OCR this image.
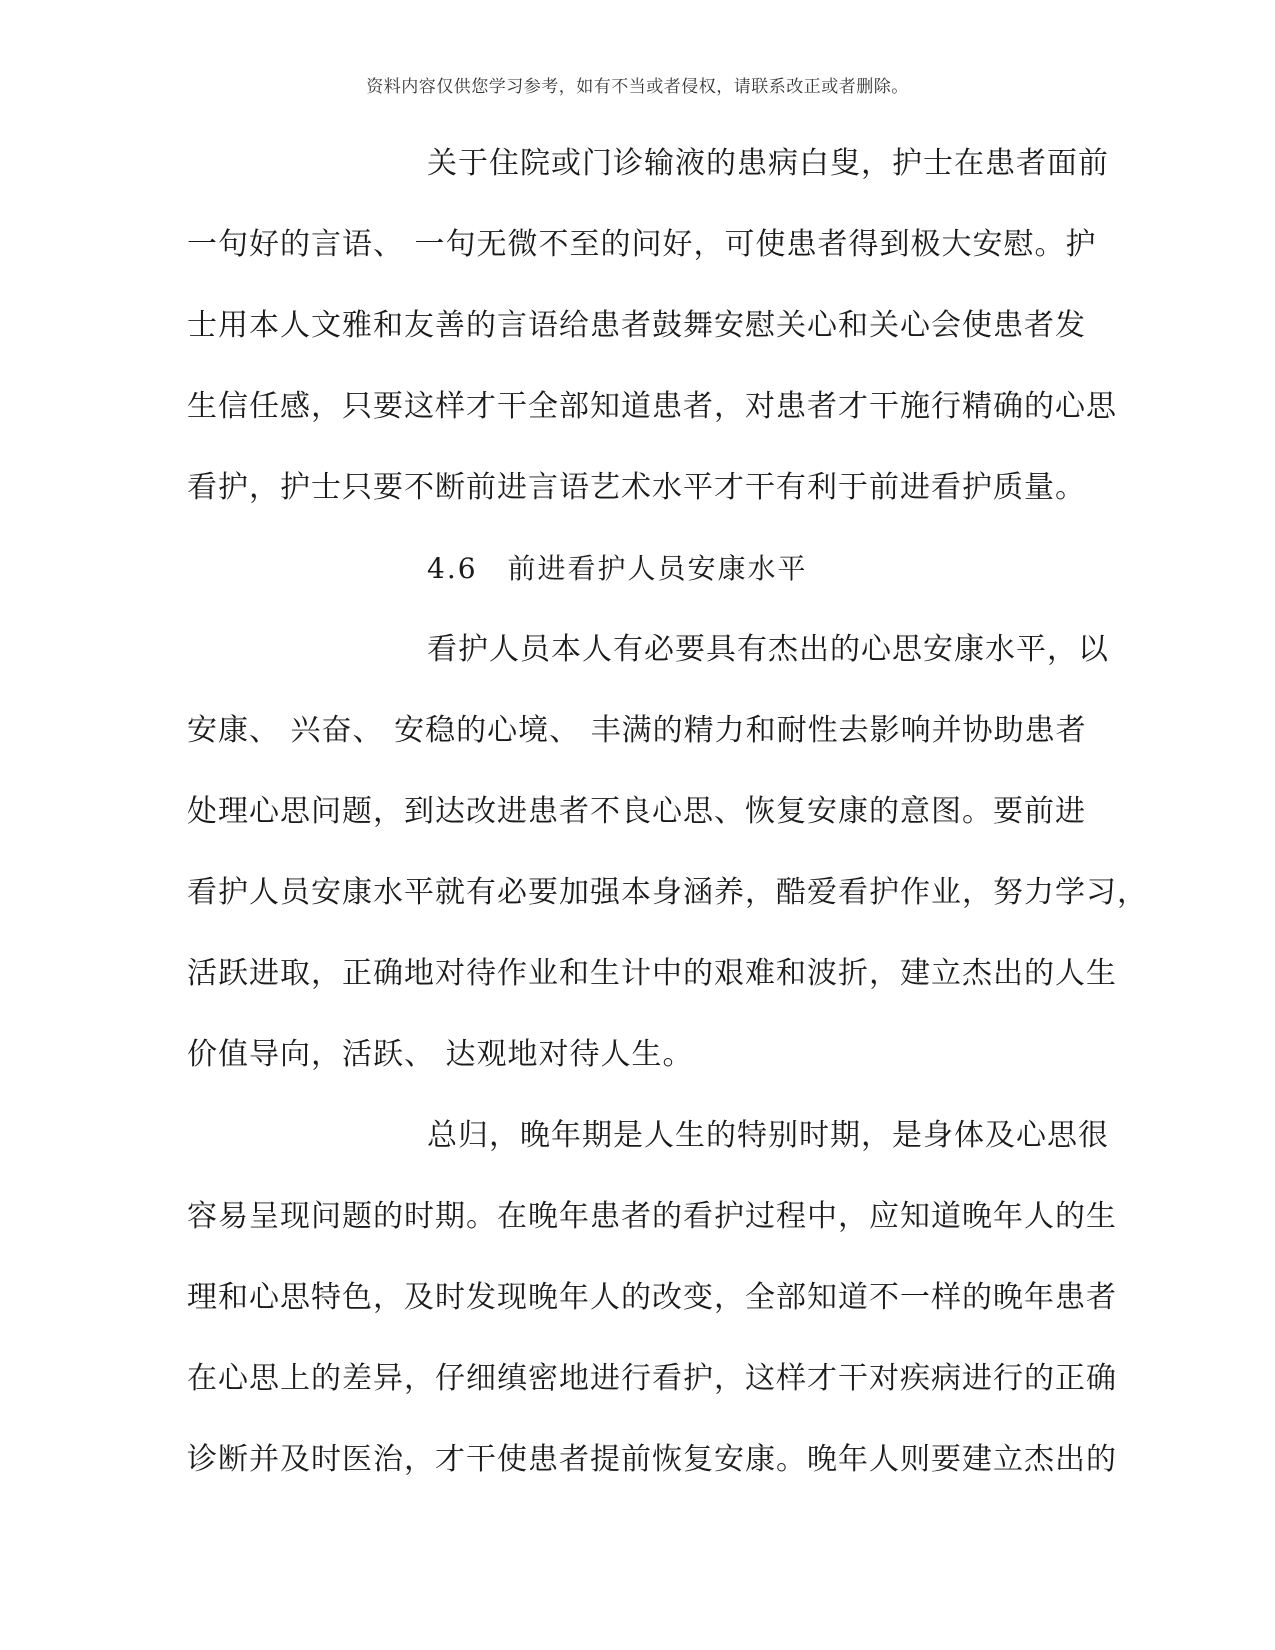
资料内容仅供您学习参考，如有不当或者侵权，请联系改正或者删除。
关于住院或门诊输液的患病白叟，护士在患者面前
一句好的言语、 一句无微不至的问好，可使患者得到极大安慰。护
士用本人文雅和友善的言语给患者鼓舞安慰关心和关心会使患者发
生信任感，只要这样才干全部知道患者，对患者才干施行精确的心思
看护，护士只要不断前进言语艺术水平才干有利于前进看护质量。
4.6　前进看护人员安康水平
看护人员本人有必要具有杰出的心思安康水平，以
安康、 兴奋、 安稳的心境、 丰满的精力和耐性去影响并协助患者
处理心思问题，到达改进患者不良心思、恢复安康的意图。要前进
看护人员安康水平就有必要加强本身涵养，酷爱看护作业，努力学习，
活跃进取，正确地对待作业和生计中的艰难和波折，建立杰出的人生
价值导向，活跃、 达观地对待人生。
总归，晚年期是人生的特别时期，是身体及心思很
容易呈现问题的时期。在晚年患者的看护过程中，应知道晚年人的生
理和心思特色，及时发现晚年人的改变，全部知道不一样的晚年患者
在心思上的差异，仔细缜密地进行看护，这样才干对疾病进行的正确
诊断并及时医治，才干使患者提前恢复安康。晚年人则要建立杰出的
